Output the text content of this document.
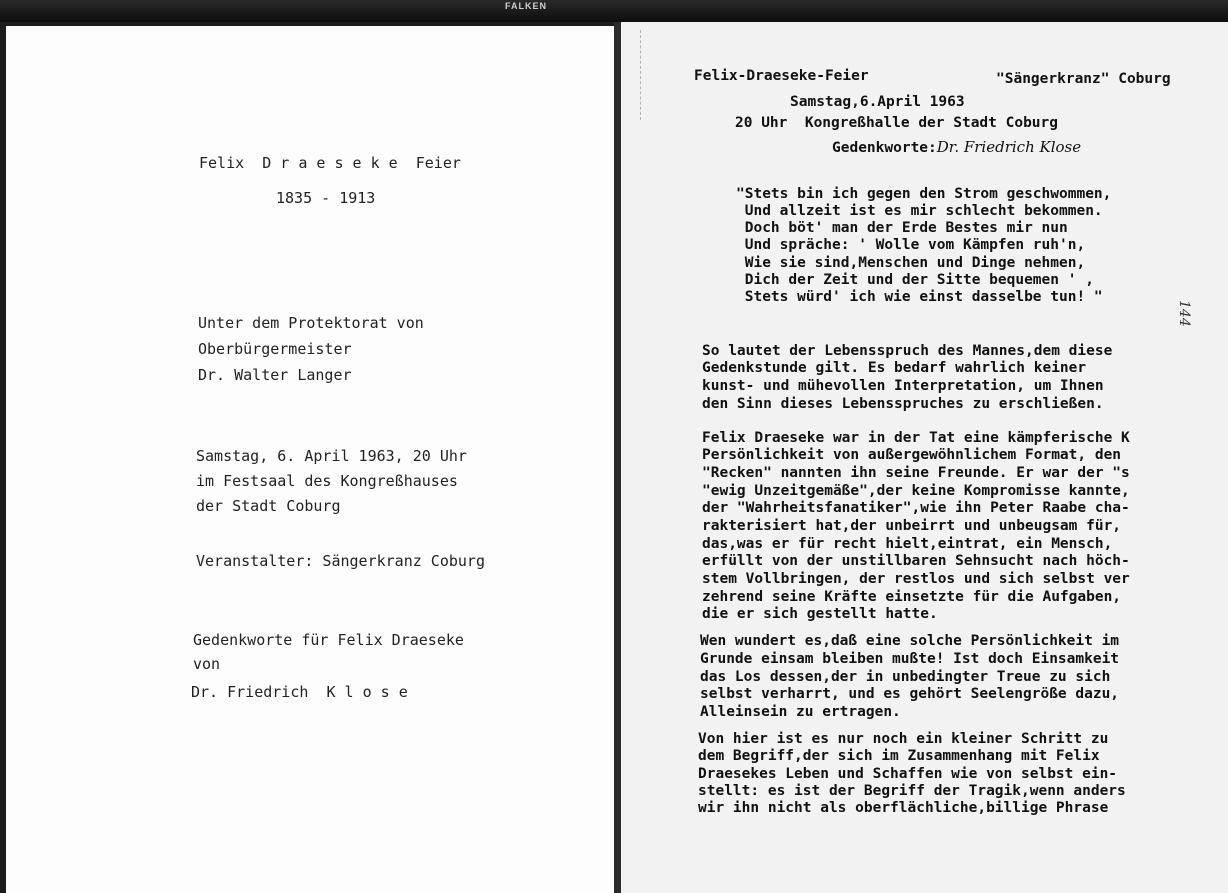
FALKEN
Felix  D r a e s e k e  Feier
1835 - 1913
Unter dem Protektorat von
Oberbürgermeister
Dr. Walter Langer
Samstag, 6. April 1963, 20 Uhr
im Festsaal des Kongreßhauses
der Stadt Coburg
Veranstalter: Sängerkranz Coburg
Gedenkworte für Felix Draeseke
von
Dr. Friedrich  K l o s e
Felix-Draeseke-Feier	"Sängerkranz" Coburg
Samstag,6.April 1963
20 Uhr  Kongreßhalle der Stadt Coburg
Gedenkworte:Dr. Friedrich Klose
"Stets bin ich gegen den Strom geschwommen,
Und allzeit ist es mir schlecht bekommen.
Doch böt' man der Erde Bestes mir nun
Und spräche: ' Wolle vom Kämpfen ruh'n,
Wie sie sind,Menschen und Dinge nehmen,
Dich der Zeit und der Sitte bequemen ' ,
Stets würd' ich wie einst dasselbe tun! "
144
So lautet der Lebensspruch des Mannes,dem diese
Gedenkstunde gilt. Es bedarf wahrlich keiner
kunst- und mühevollen Interpretation, um Ihnen
den Sinn dieses Lebensspruches zu erschließen.
Felix Draeseke war in der Tat eine kämpferische K
Persönlichkeit von außergewöhnlichem Format, den
"Recken" nannten ihn seine Freunde. Er war der "s
"ewig Unzeitgemäße",der keine Kompromisse kannte,
der "Wahrheitsfanatiker",wie ihn Peter Raabe cha-
rakterisiert hat,der unbeirrt und unbeugsam für,
das,was er für recht hielt,eintrat, ein Mensch,
erfüllt von der unstillbaren Sehnsucht nach höch-
stem Vollbringen, der restlos und sich selbst ver
zehrend seine Kräfte einsetzte für die Aufgaben,
die er sich gestellt hatte.
Wen wundert es,daß eine solche Persönlichkeit im
Grunde einsam bleiben mußte! Ist doch Einsamkeit
das Los dessen,der in unbedingter Treue zu sich
selbst verharrt, und es gehört Seelengröße dazu,
Alleinsein zu ertragen.
Von hier ist es nur noch ein kleiner Schritt zu
dem Begriff,der sich im Zusammenhang mit Felix
Draesekes Leben und Schaffen wie von selbst ein-
stellt: es ist der Begriff der Tragik,wenn anders
wir ihn nicht als oberflächliche,billige Phrase
